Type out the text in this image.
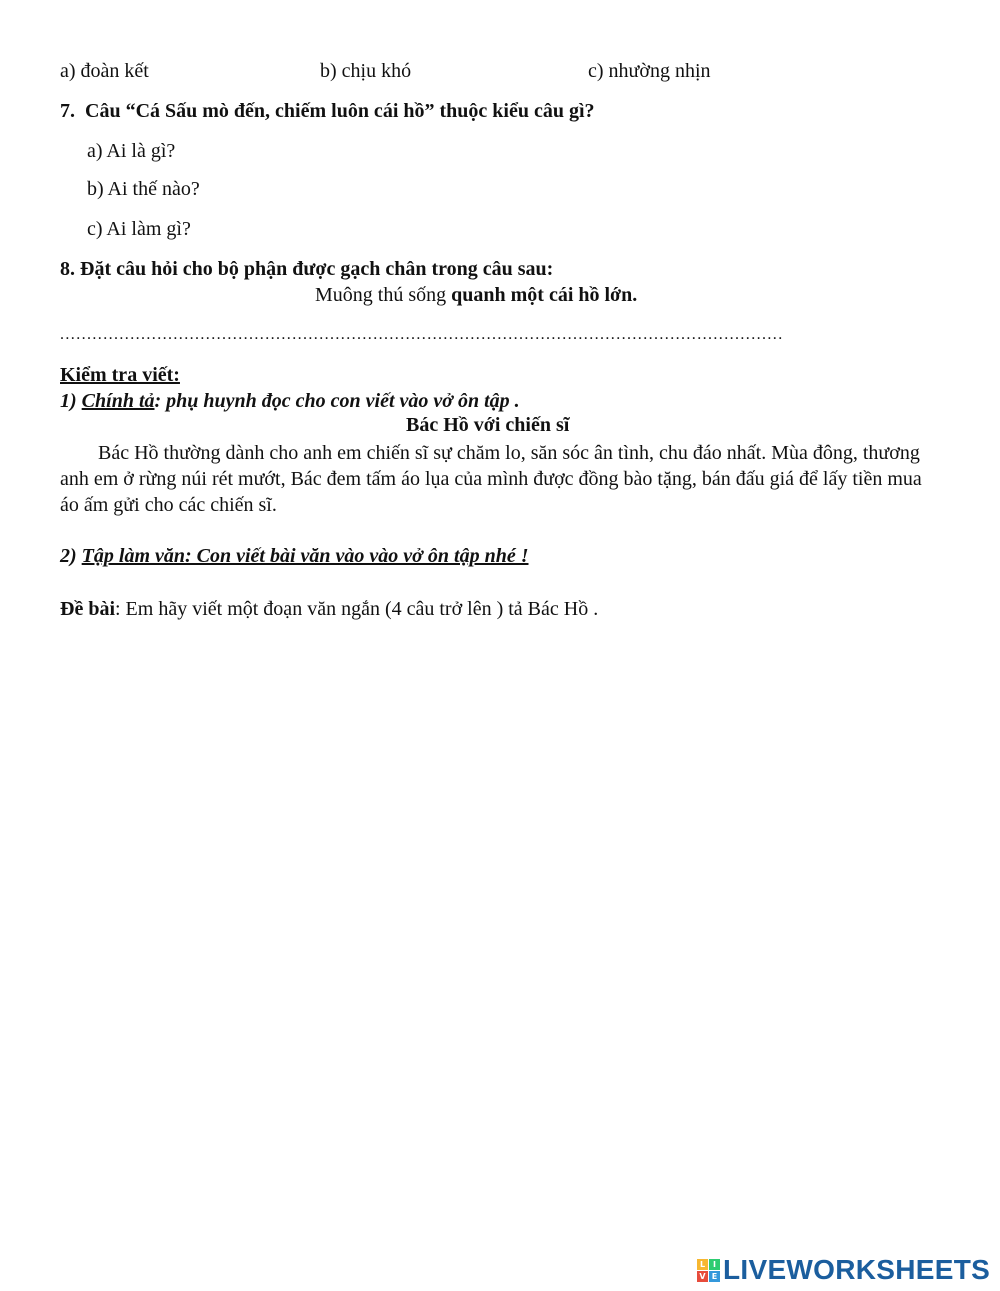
a) đoàn kết	b) chịu khó	c) nhường nhịn
7. Câu “Cá Sấu mò đến, chiếm luôn cái hồ” thuộc kiểu câu gì?
a) Ai là gì?
b) Ai thế nào?
c) Ai làm gì?
8. Đặt câu hỏi cho bộ phận được gạch chân trong câu sau:
Muông thú sống quanh một cái hồ lớn.
......................................................................................................................................
Kiểm tra viết:
1) Chính tả: phụ huynh đọc cho con viết vào vở ôn tập .
Bác Hồ với chiến sĩ
Bác Hồ thường dành cho anh em chiến sĩ sự chăm lo, săn sóc ân tình, chu đáo nhất. Mùa đông, thương anh em ở rừng núi rét mướt, Bác đem tấm áo lụa của mình được đồng bào tặng, bán đấu giá để lấy tiền mua áo ấm gửi cho các chiến sĩ.
2) Tập làm văn: Con viết bài văn vào vào vở ôn tập nhé !
Đề bài: Em hãy viết một đoạn văn ngắn (4 câu trở lên ) tả Bác Hồ .
L I
V E LIVEWORKSHEETS
